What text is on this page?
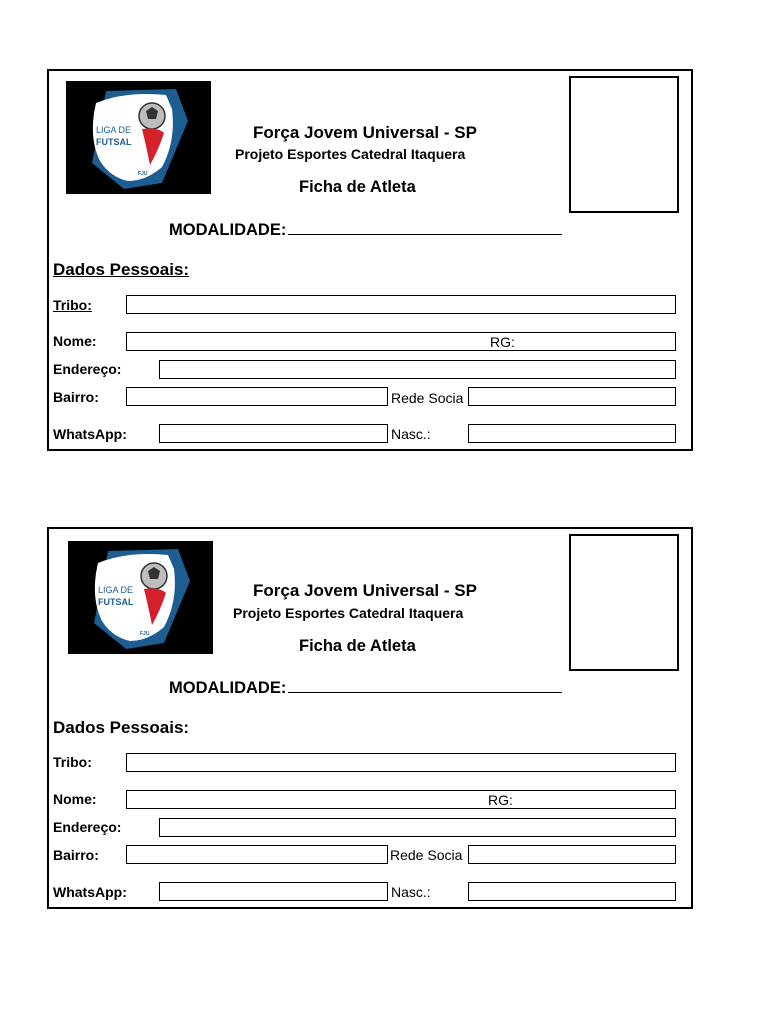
LIGA DE
FUTSAL
FJU
Força Jovem Universal - SP
Projeto Esportes Catedral Itaquera
Ficha de Atleta
MODALIDADE:
Dados Pessoais:
Tribo:
Nome:	RG:
Endereço:
Bairro:	Rede Socia
WhatsApp:	Nasc.:
LIGA DE
FUTSAL
FJU
Força Jovem Universal - SP
Projeto Esportes Catedral Itaquera
Ficha de Atleta
MODALIDADE:
Dados Pessoais:
Tribo:
Nome:	RG:
Endereço:
Bairro:	Rede Socia
WhatsApp:	Nasc.:
